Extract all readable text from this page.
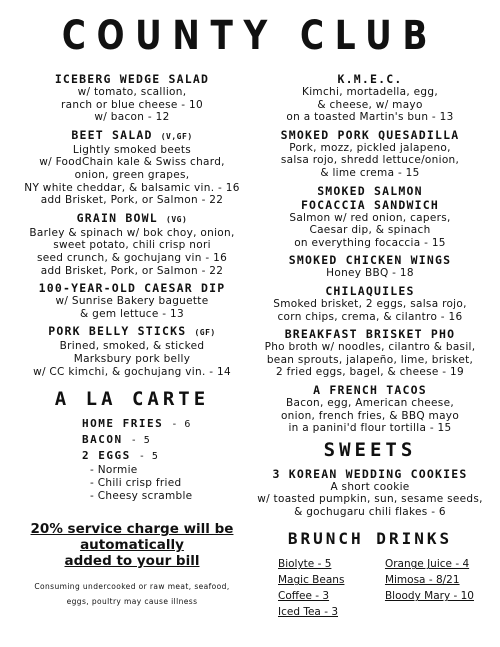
COUNTY CLUB
ICEBERG WEDGE SALAD
w/ tomato, scallion,
ranch or blue cheese - 10
w/ bacon - 12
BEET SALAD (V,GF)
Lightly smoked beets
w/ FoodChain kale & Swiss chard,
onion, green grapes,
NY white cheddar, & balsamic vin. - 16
add Brisket, Pork, or Salmon - 22
GRAIN BOWL (VG)
Barley & spinach w/ bok choy, onion,
sweet potato, chili crisp nori
seed crunch, & gochujang vin - 16
add Brisket, Pork, or Salmon - 22
100-YEAR-OLD CAESAR DIP
w/ Sunrise Bakery baguette
& gem lettuce - 13
PORK BELLY STICKS (GF)
Brined, smoked, & sticked
Marksbury pork belly
w/ CC kimchi, & gochujang vin. - 14
A LA CARTE
HOME FRIES - 6
BACON - 5
2 EGGS - 5
- Normie
- Chili crisp fried
- Cheesy scramble
20% service charge will be
automatically
added to your bill
Consuming undercooked or raw meat, seafood,
eggs, poultry may cause illness
K.M.E.C.
Kimchi, mortadella, egg,
& cheese, w/ mayo
on a toasted Martin's bun - 13
SMOKED PORK QUESADILLA
Pork, mozz, pickled jalapeno,
salsa rojo, shredd lettuce/onion,
& lime crema - 15
SMOKED SALMON
FOCACCIA SANDWICH
Salmon w/ red onion, capers,
Caesar dip, & spinach
on everything focaccia - 15
SMOKED CHICKEN WINGS
Honey BBQ - 18
CHILAQUILES
Smoked brisket, 2 eggs, salsa rojo,
corn chips, crema, & cilantro - 16
BREAKFAST BRISKET PHO
Pho broth w/ noodles, cilantro & basil,
bean sprouts, jalapeño, lime, brisket,
2 fried eggs, bagel, & cheese - 19
A FRENCH TACOS
Bacon, egg, American cheese,
onion, french fries, & BBQ mayo
in a panini'd flour tortilla - 15
SWEETS
3 KOREAN WEDDING COOKIES
A short cookie
w/ toasted pumpkin, sun, sesame seeds,
& gochugaru chili flakes - 6
BRUNCH DRINKS
Biolyte - 5
Magic Beans
Coffee - 3
Iced Tea - 3
Orange Juice - 4
Mimosa - 8/21
Bloody Mary - 10
